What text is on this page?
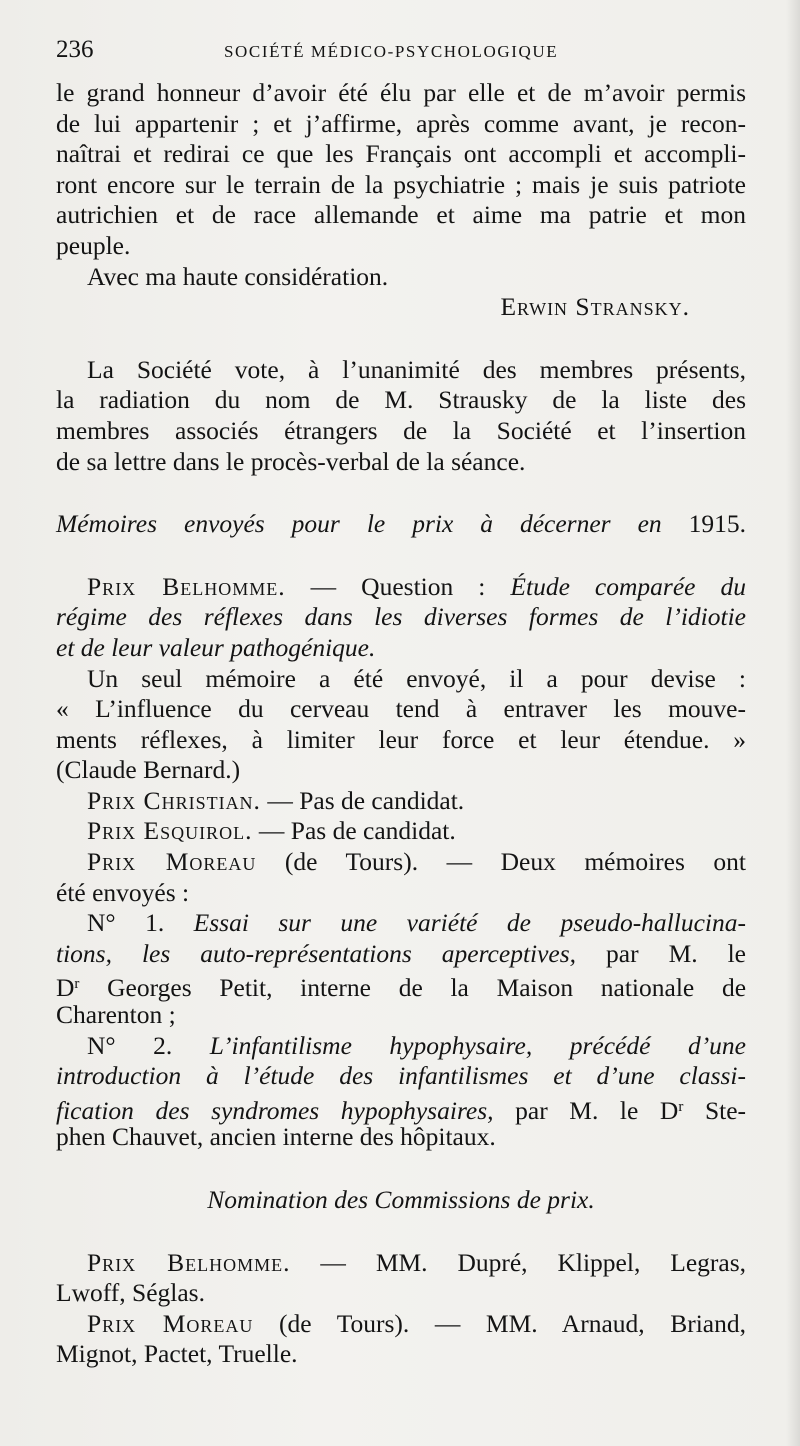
236	SOCIÉTÉ MÉDICO-PSYCHOLOGIQUE
le grand honneur d’avoir été élu par elle et de m’avoir permis
de lui appartenir ; et j’affirme, après comme avant, je recon-
naîtrai et redirai ce que les Français ont accompli et accompli-
ront encore sur le terrain de la psychiatrie ; mais je suis patriote
autrichien et de race allemande et aime ma patrie et mon
peuple.
Avec ma haute considération.
Erwin Stransky.
La Société vote, à l’unanimité des membres présents,
la radiation du nom de M. Strausky de la liste des
membres associés étrangers de la Société et l’insertion
de sa lettre dans le procès-verbal de la séance.
Mémoires envoyés pour le prix à décerner en 1915.
Prix Belhomme. — Question : Étude comparée du
régime des réflexes dans les diverses formes de l’idiotie
et de leur valeur pathogénique.
Un seul mémoire a été envoyé, il a pour devise :
« L’influence du cerveau tend à entraver les mouve-
ments réflexes, à limiter leur force et leur étendue. »
(Claude Bernard.)
Prix Christian. — Pas de candidat.
Prix Esquirol. — Pas de candidat.
Prix Moreau (de Tours). — Deux mémoires ont
été envoyés :
N° 1. Essai sur une variété de pseudo-hallucina-
tions, les auto-représentations aperceptives, par M. le
$D^r$ Georges Petit, interne de la Maison nationale de
Charenton ;
N° 2. L’infantilisme hypophysaire, précédé d’une
introduction à l’étude des infantilismes et d’une classi-
fication des syndromes hypophysaires, par M. le $D^r$ Ste-
phen Chauvet, ancien interne des hôpitaux.
Nomination des Commissions de prix.
Prix Belhomme. — MM. Dupré, Klippel, Legras,
Lwoff, Séglas.
Prix Moreau (de Tours). — MM. Arnaud, Briand,
Mignot, Pactet, Truelle.
